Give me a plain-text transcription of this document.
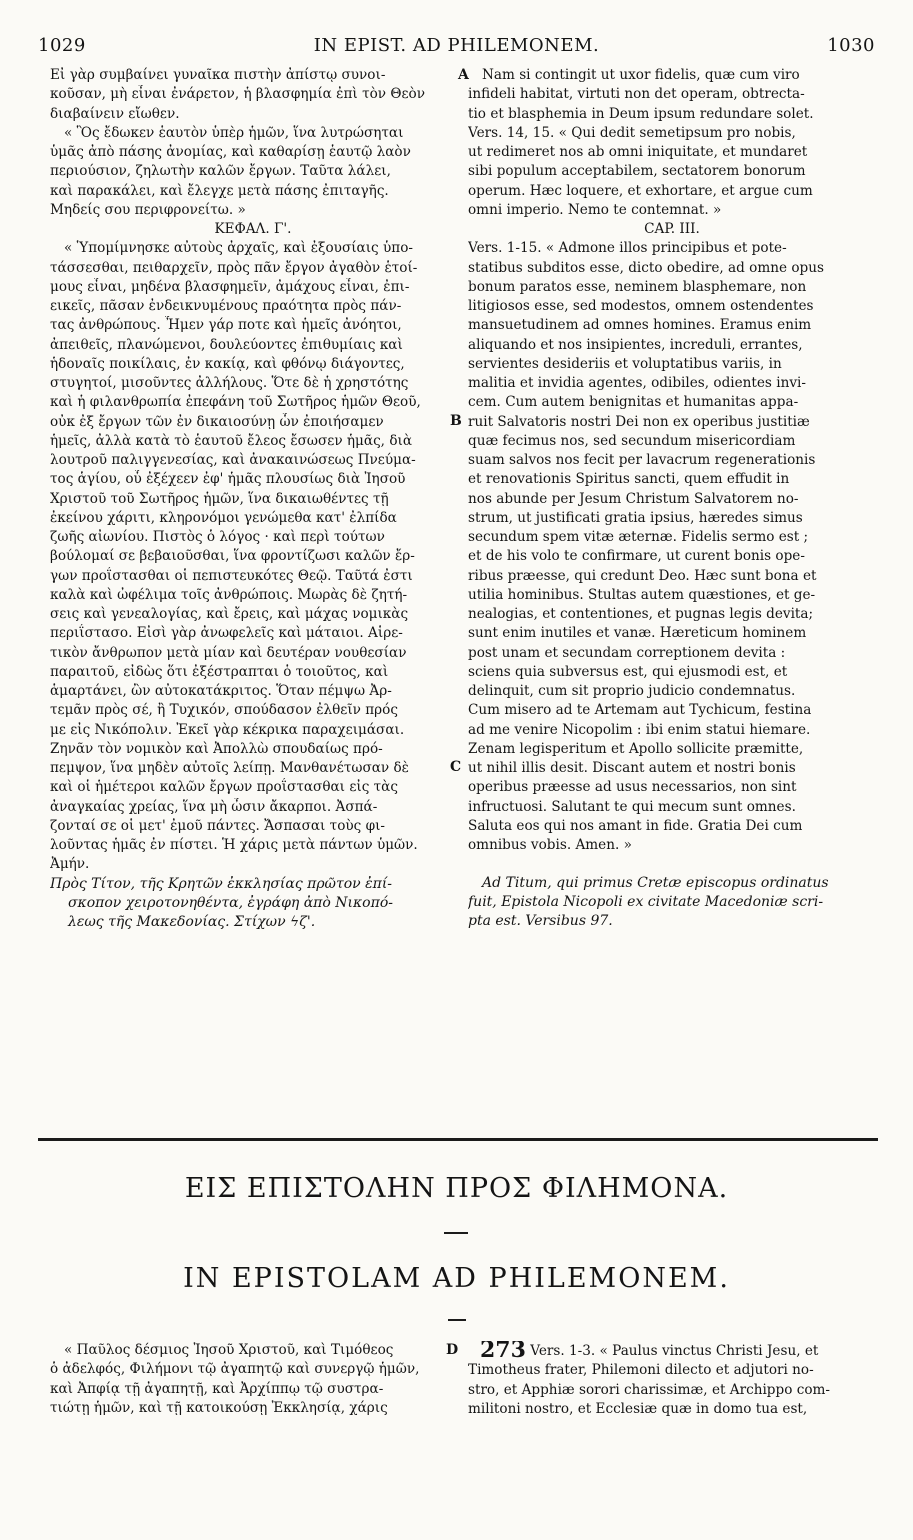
1029	IN EPIST. AD PHILEMONEM.	1030
A
B
C
D
Εἰ γὰρ συμβαίνει γυναῖκα πιστὴν ἀπίστῳ συνοι-
κοῦσαν, μὴ εἶναι ἐνάρετον, ἡ βλασφημία ἐπὶ τὸν Θεὸν
διαβαίνειν εἴωθεν.
« Ὃς ἔδωκεν ἑαυτὸν ὑπὲρ ἡμῶν, ἵνα λυτρώσηται
ὑμᾶς ἀπὸ πάσης ἀνομίας, καὶ καθαρίσῃ ἑαυτῷ λαὸν
περιούσιον, ζηλωτὴν καλῶν ἔργων. Ταῦτα λάλει,
καὶ παρακάλει, καὶ ἔλεγχε μετὰ πάσης ἐπιταγῆς.
Μηδείς σου περιφρονείτω. »
ΚΕΦΑΛ. Γ'.
« Ὑπομίμνησκε αὐτοὺς ἀρχαῖς, καὶ ἐξουσίαις ὑπο-
τάσσεσθαι, πειθαρχεῖν, πρὸς πᾶν ἔργον ἀγαθὸν ἑτοί-
μους εἶναι, μηδένα βλασφημεῖν, ἀμάχους εἶναι, ἐπι-
εικεῖς, πᾶσαν ἐνδεικνυμένους πραότητα πρὸς πάν-
τας ἀνθρώπους. Ἦμεν γάρ ποτε καὶ ἡμεῖς ἀνόητοι,
ἀπειθεῖς, πλανώμενοι, δουλεύοντες ἐπιθυμίαις καὶ
ἡδοναῖς ποικίλαις, ἐν κακίᾳ, καὶ φθόνῳ διάγοντες,
στυγητοί, μισοῦντες ἀλλήλους. Ὅτε δὲ ἡ χρηστότης
καὶ ἡ φιλανθρωπία ἐπεφάνη τοῦ Σωτῆρος ἡμῶν Θεοῦ,
οὐκ ἐξ ἔργων τῶν ἐν δικαιοσύνῃ ὧν ἐποιήσαμεν
ἡμεῖς, ἀλλὰ κατὰ τὸ ἑαυτοῦ ἔλεος ἔσωσεν ἡμᾶς, διὰ
λουτροῦ παλιγγενεσίας, καὶ ἀνακαινώσεως Πνεύμα-
τος ἁγίου, οὗ ἐξέχεεν ἐφ' ἡμᾶς πλουσίως διὰ Ἰησοῦ
Χριστοῦ τοῦ Σωτῆρος ἡμῶν, ἵνα δικαιωθέντες τῇ
ἐκείνου χάριτι, κληρονόμοι γενώμεθα κατ' ἐλπίδα
ζωῆς αἰωνίου. Πιστὸς ὁ λόγος · καὶ περὶ τούτων
βούλομαί σε βεβαιοῦσθαι, ἵνα φροντίζωσι καλῶν ἔρ-
γων προΐστασθαι οἱ πεπιστευκότες Θεῷ. Ταῦτά ἐστι
καλὰ καὶ ὠφέλιμα τοῖς ἀνθρώποις. Μωρὰς δὲ ζητή-
σεις καὶ γενεαλογίας, καὶ ἔρεις, καὶ μάχας νομικὰς
περιΐστασο. Εἰσὶ γὰρ ἀνωφελεῖς καὶ μάταιοι. Αἱρε-
τικὸν ἄνθρωπον μετὰ μίαν καὶ δευτέραν νουθεσίαν
παραιτοῦ, εἰδὼς ὅτι ἐξέστραπται ὁ τοιοῦτος, καὶ
ἁμαρτάνει, ὢν αὐτοκατάκριτος. Ὅταν πέμψω Ἀρ-
τεμᾶν πρὸς σέ, ἢ Τυχικόν, σπούδασον ἐλθεῖν πρός
με εἰς Νικόπολιν. Ἐκεῖ γὰρ κέκρικα παραχειμάσαι.
Ζηνᾶν τὸν νομικὸν καὶ Ἀπολλὼ σπουδαίως πρό-
πεμψον, ἵνα μηδὲν αὐτοῖς λείπῃ. Μανθανέτωσαν δὲ
καὶ οἱ ἡμέτεροι καλῶν ἔργων προΐστασθαι εἰς τὰς
ἀναγκαίας χρείας, ἵνα μὴ ὦσιν ἄκαρποι. Ἀσπά-
ζονταί σε οἱ μετ' ἐμοῦ πάντες. Ἄσπασαι τοὺς φι-
λοῦντας ἡμᾶς ἐν πίστει. Ἡ χάρις μετὰ πάντων ὑμῶν.
Ἀμήν.
Πρὸς Τίτον, τῆς Κρητῶν ἐκκλησίας πρῶτον ἐπί-
σκοπον χειροτονηθέντα, ἐγράφη ἀπὸ Νικοπό-
λεως τῆς Μακεδονίας. Στίχων ϟζ'.
Nam si contingit ut uxor fidelis, quæ cum viro
infideli habitat, virtuti non det operam, obtrecta-
tio et blasphemia in Deum ipsum redundare solet.
Vers. 14, 15. « Qui dedit semetipsum pro nobis,
ut redimeret nos ab omni iniquitate, et mundaret
sibi populum acceptabilem, sectatorem bonorum
operum. Hæc loquere, et exhortare, et argue cum
omni imperio. Nemo te contemnat. »
CAP. III.
Vers. 1-15. « Admone illos principibus et pote-
statibus subditos esse, dicto obedire, ad omne opus
bonum paratos esse, neminem blasphemare, non
litigiosos esse, sed modestos, omnem ostendentes
mansuetudinem ad omnes homines. Eramus enim
aliquando et nos insipientes, increduli, errantes,
servientes desideriis et voluptatibus variis, in
malitia et invidia agentes, odibiles, odientes invi-
cem. Cum autem benignitas et humanitas appa-
ruit Salvatoris nostri Dei non ex operibus justitiæ
quæ fecimus nos, sed secundum misericordiam
suam salvos nos fecit per lavacrum regenerationis
et renovationis Spiritus sancti, quem effudit in
nos abunde per Jesum Christum Salvatorem no-
strum, ut justificati gratia ipsius, hæredes simus
secundum spem vitæ æternæ. Fidelis sermo est ;
et de his volo te confirmare, ut curent bonis ope-
ribus præesse, qui credunt Deo. Hæc sunt bona et
utilia hominibus. Stultas autem quæstiones, et ge-
nealogias, et contentiones, et pugnas legis devita;
sunt enim inutiles et vanæ. Hæreticum hominem
post unam et secundam correptionem devita :
sciens quia subversus est, qui ejusmodi est, et
delinquit, cum sit proprio judicio condemnatus.
Cum misero ad te Artemam aut Tychicum, festina
ad me venire Nicopolim : ibi enim statui hiemare.
Zenam legisperitum et Apollo sollicite præmitte,
ut nihil illis desit. Discant autem et nostri bonis
operibus præesse ad usus necessarios, non sint
infructuosi. Salutant te qui mecum sunt omnes.
Saluta eos qui nos amant in fide. Gratia Dei cum
omnibus vobis. Amen. »
Ad Titum, qui primus Cretæ episcopus ordinatus
fuit, Epistola Nicopoli ex civitate Macedoniæ scri-
pta est. Versibus 97.
ΕΙΣ ΕΠΙΣΤΟΛΗΝ ΠΡΟΣ ΦΙΛΗΜΟΝΑ.
IN EPISTOLAM AD PHILEMONEM.
« Παῦλος δέσμιος Ἰησοῦ Χριστοῦ, καὶ Τιμόθεος
ὁ ἀδελφός, Φιλήμονι τῷ ἀγαπητῷ καὶ συνεργῷ ἡμῶν,
καὶ Ἀπφίᾳ τῇ ἀγαπητῇ, καὶ Ἀρχίππῳ τῷ συστρα-
τιώτῃ ἡμῶν, καὶ τῇ κατοικούσῃ Ἐκκλησίᾳ, χάρις
273 Vers. 1-3. « Paulus vinctus Christi Jesu, et
Timotheus frater, Philemoni dilecto et adjutori no-
stro, et Apphiæ sorori charissimæ, et Archippo com-
militoni nostro, et Ecclesiæ quæ in domo tua est,
